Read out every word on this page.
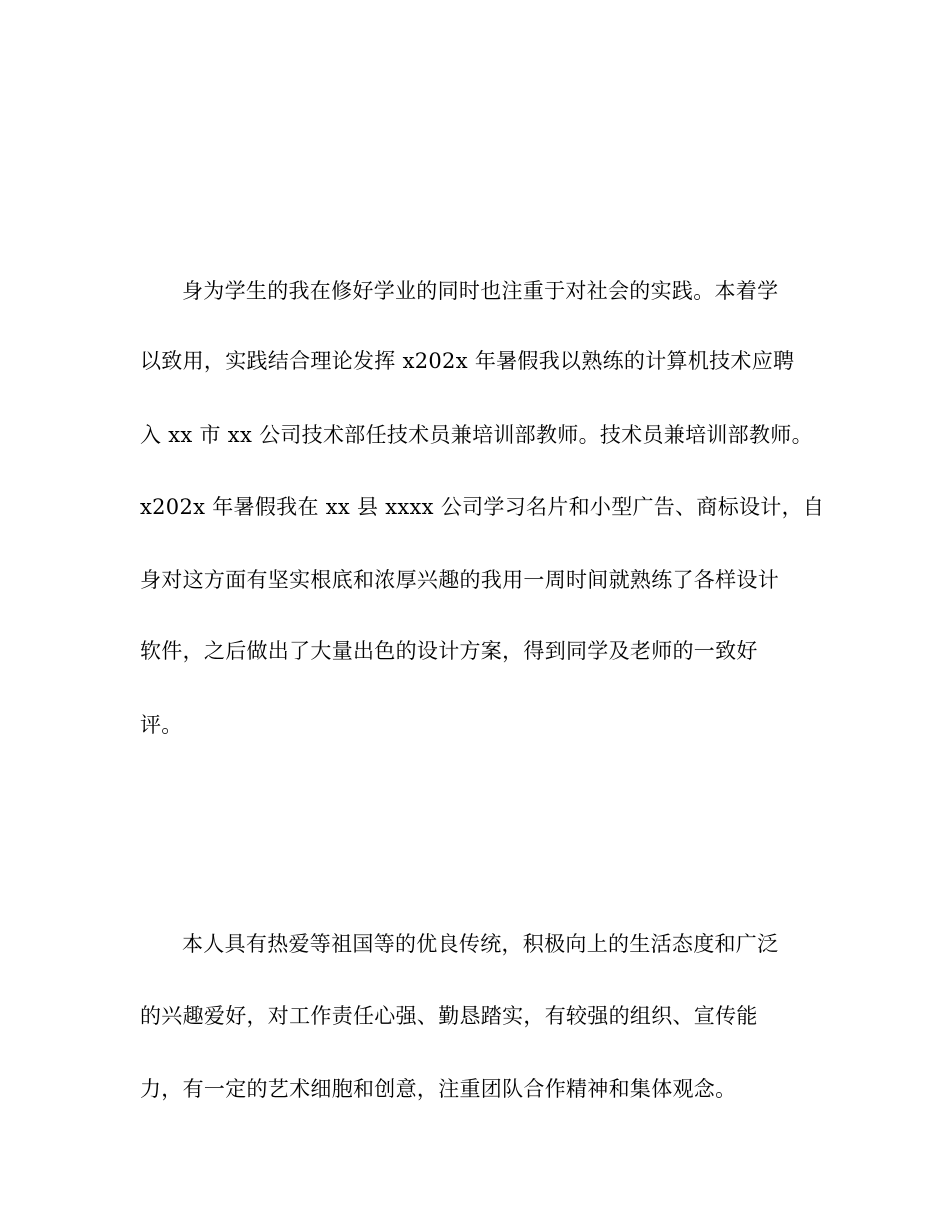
身为学生的我在修好学业的同时也注重于对社会的实践。本着学
以致用，实践结合理论发挥 x202x 年暑假我以熟练的计算机技术应聘
入 xx 市 xx 公司技术部任技术员兼培训部教师。技术员兼培训部教师。
x202x 年暑假我在 xx 县 xxxx 公司学习名片和小型广告、商标设计，自
身对这方面有坚实根底和浓厚兴趣的我用一周时间就熟练了各样设计
软件，之后做出了大量出色的设计方案，得到同学及老师的一致好
评。
本人具有热爱等祖国等的优良传统，积极向上的生活态度和广泛
的兴趣爱好，对工作责任心强、勤恳踏实，有较强的组织、宣传能
力，有一定的艺术细胞和创意，注重团队合作精神和集体观念。
